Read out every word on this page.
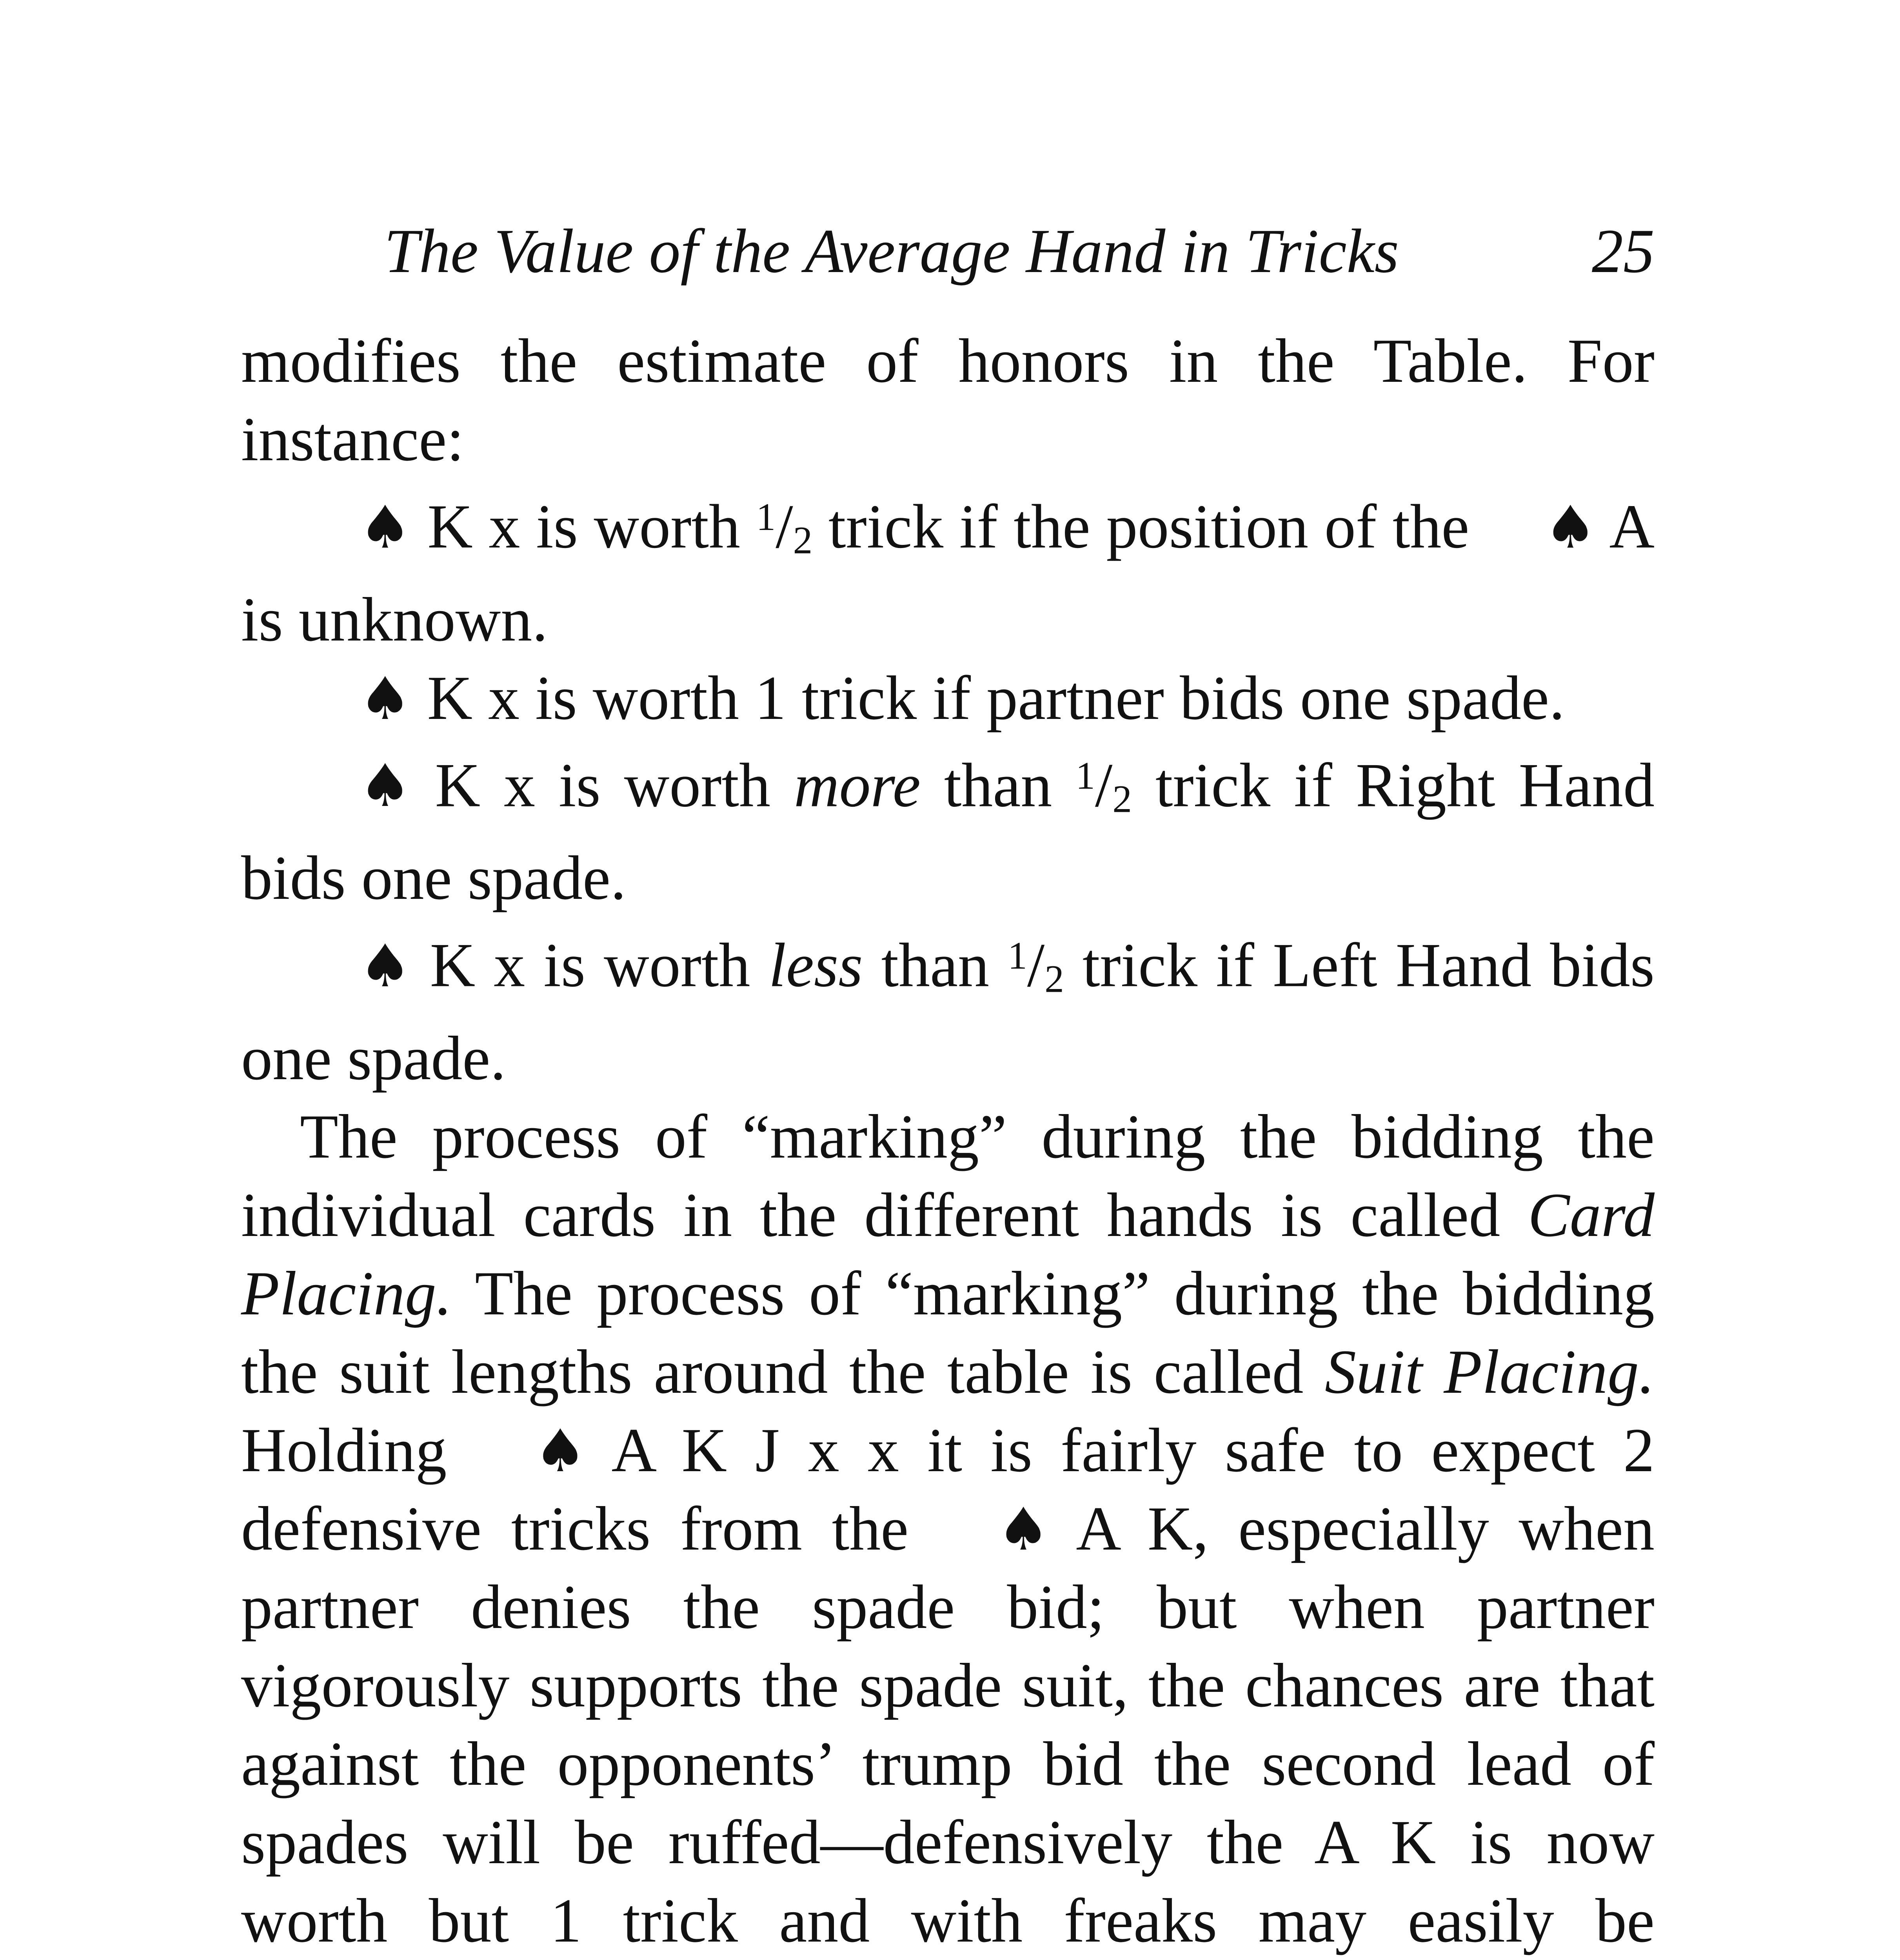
The Value of the Average Hand in Tricks	25

modifies the estimate of honors in the Table. For instance:

♠ K x is worth $^1/_2$ trick if the position of the ♠ A is unknown.

♠ K x is worth 1 trick if partner bids one spade.

♠ K x is worth more than $^1/_2$ trick if Right Hand bids one spade.

♠ K x is worth less than $^1/_2$ trick if Left Hand bids one spade.

The process of “marking” during the bidding the individual cards in the different hands is called Card Placing. The process of “marking” during the bidding the suit lengths around the table is called Suit Placing. Holding ♠ A K J x x it is fairly safe to expect 2 defensive tricks from the ♠ A K, especially when partner denies the spade bid; but when partner vigorously supports the spade suit, the chances are that against the opponents’ trump bid the second lead of spades will be ruffed—defensively the A K is now worth but 1 trick and with freaks may easily be
